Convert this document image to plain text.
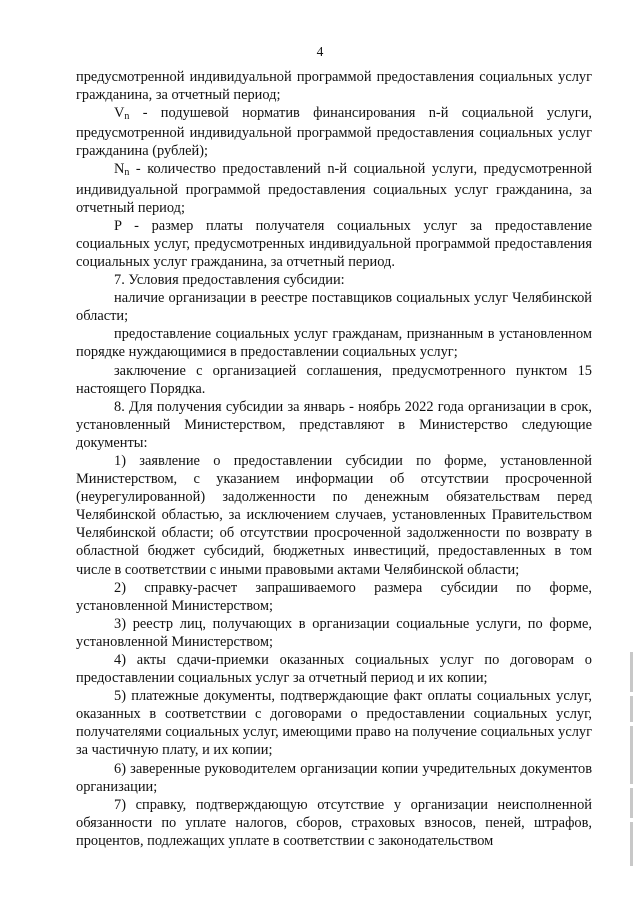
4

предусмотренной индивидуальной программой предоставления социальных услуг гражданина, за отчетный период;

Vn - подушевой норматив финансирования n-й социальной услуги, предусмотренной индивидуальной программой предоставления социальных услуг гражданина (рублей);

Nn - количество предоставлений n-й социальной услуги, предусмотренной индивидуальной программой предоставления социальных услуг гражданина, за отчетный период;

P - размер платы получателя социальных услуг за предоставление социальных услуг, предусмотренных индивидуальной программой предоставления социальных услуг гражданина, за отчетный период.

7. Условия предоставления субсидии:

наличие организации в реестре поставщиков социальных услуг Челябинской области;

предоставление социальных услуг гражданам, признанным в установленном порядке нуждающимися в предоставлении социальных услуг;

заключение с организацией соглашения, предусмотренного пунктом 15 настоящего Порядка.

8. Для получения субсидии за январь - ноябрь 2022 года организации в срок, установленный Министерством, представляют в Министерство следующие документы:

1) заявление о предоставлении субсидии по форме, установленной Министерством, с указанием информации об отсутствии просроченной (неурегулированной) задолженности по денежным обязательствам перед Челябинской областью, за исключением случаев, установленных Правительством Челябинской области; об отсутствии просроченной задолженности по возврату в областной бюджет субсидий, бюджетных инвестиций, предоставленных в том числе в соответствии с иными правовыми актами Челябинской области;

2) справку-расчет запрашиваемого размера субсидии по форме, установленной Министерством;

3) реестр лиц, получающих в организации социальные услуги, по форме, установленной Министерством;

4) акты сдачи-приемки оказанных социальных услуг по договорам о предоставлении социальных услуг за отчетный период и их копии;

5) платежные документы, подтверждающие факт оплаты социальных услуг, оказанных в соответствии с договорами о предоставлении социальных услуг, получателями социальных услуг, имеющими право на получение социальных услуг за частичную плату, и их копии;

6) заверенные руководителем организации копии учредительных документов организации;

7) справку, подтверждающую отсутствие у организации неисполненной обязанности по уплате налогов, сборов, страховых взносов, пеней, штрафов, процентов, подлежащих уплате в соответствии с законодательством
